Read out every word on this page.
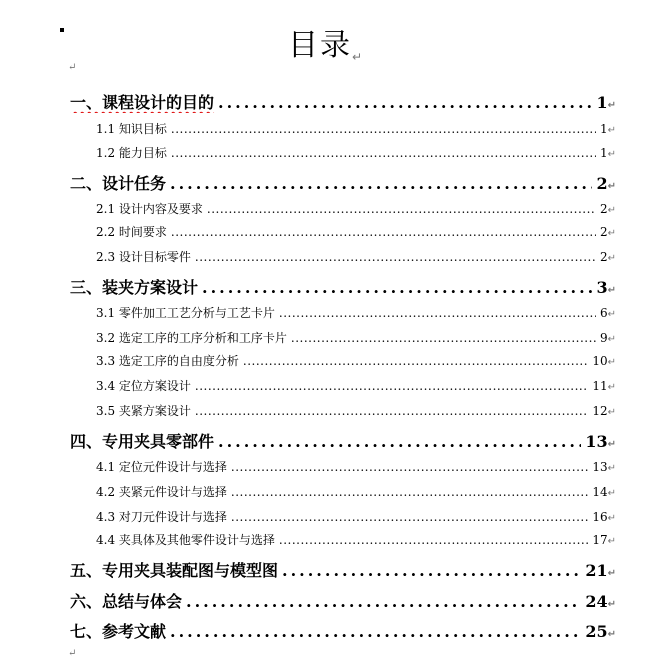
目录↵
↵
一、课程设计的目的 .....	1 ↵
1.1 知识目标 .....	1 ↵
1.2 能力目标 .....	1 ↵
二、设计任务 .....	2 ↵
2.1 设计内容及要求 .....	2 ↵
2.2 时间要求 .....	2 ↵
2.3 设计目标零件 .....	2 ↵
三、装夹方案设计 .....	3 ↵
3.1 零件加工工艺分析与工艺卡片 .....	6 ↵
3.2 选定工序的工序分析和工序卡片 .....	9 ↵
3.3 选定工序的自由度分析 .....	10 ↵
3.4 定位方案设计 .....	11 ↵
3.5 夹紧方案设计 .....	12 ↵
四、专用夹具零部件 .....	13 ↵
4.1 定位元件设计与选择 .....	13 ↵
4.2 夹紧元件设计与选择 .....	14 ↵
4.3 对刀元件设计与选择 .....	16 ↵
4.4 夹具体及其他零件设计与选择 .....	17 ↵
五、专用夹具装配图与模型图 .....	21 ↵
六、总结与体会 .....	24 ↵
七、参考文献 .....	25 ↵
↵
